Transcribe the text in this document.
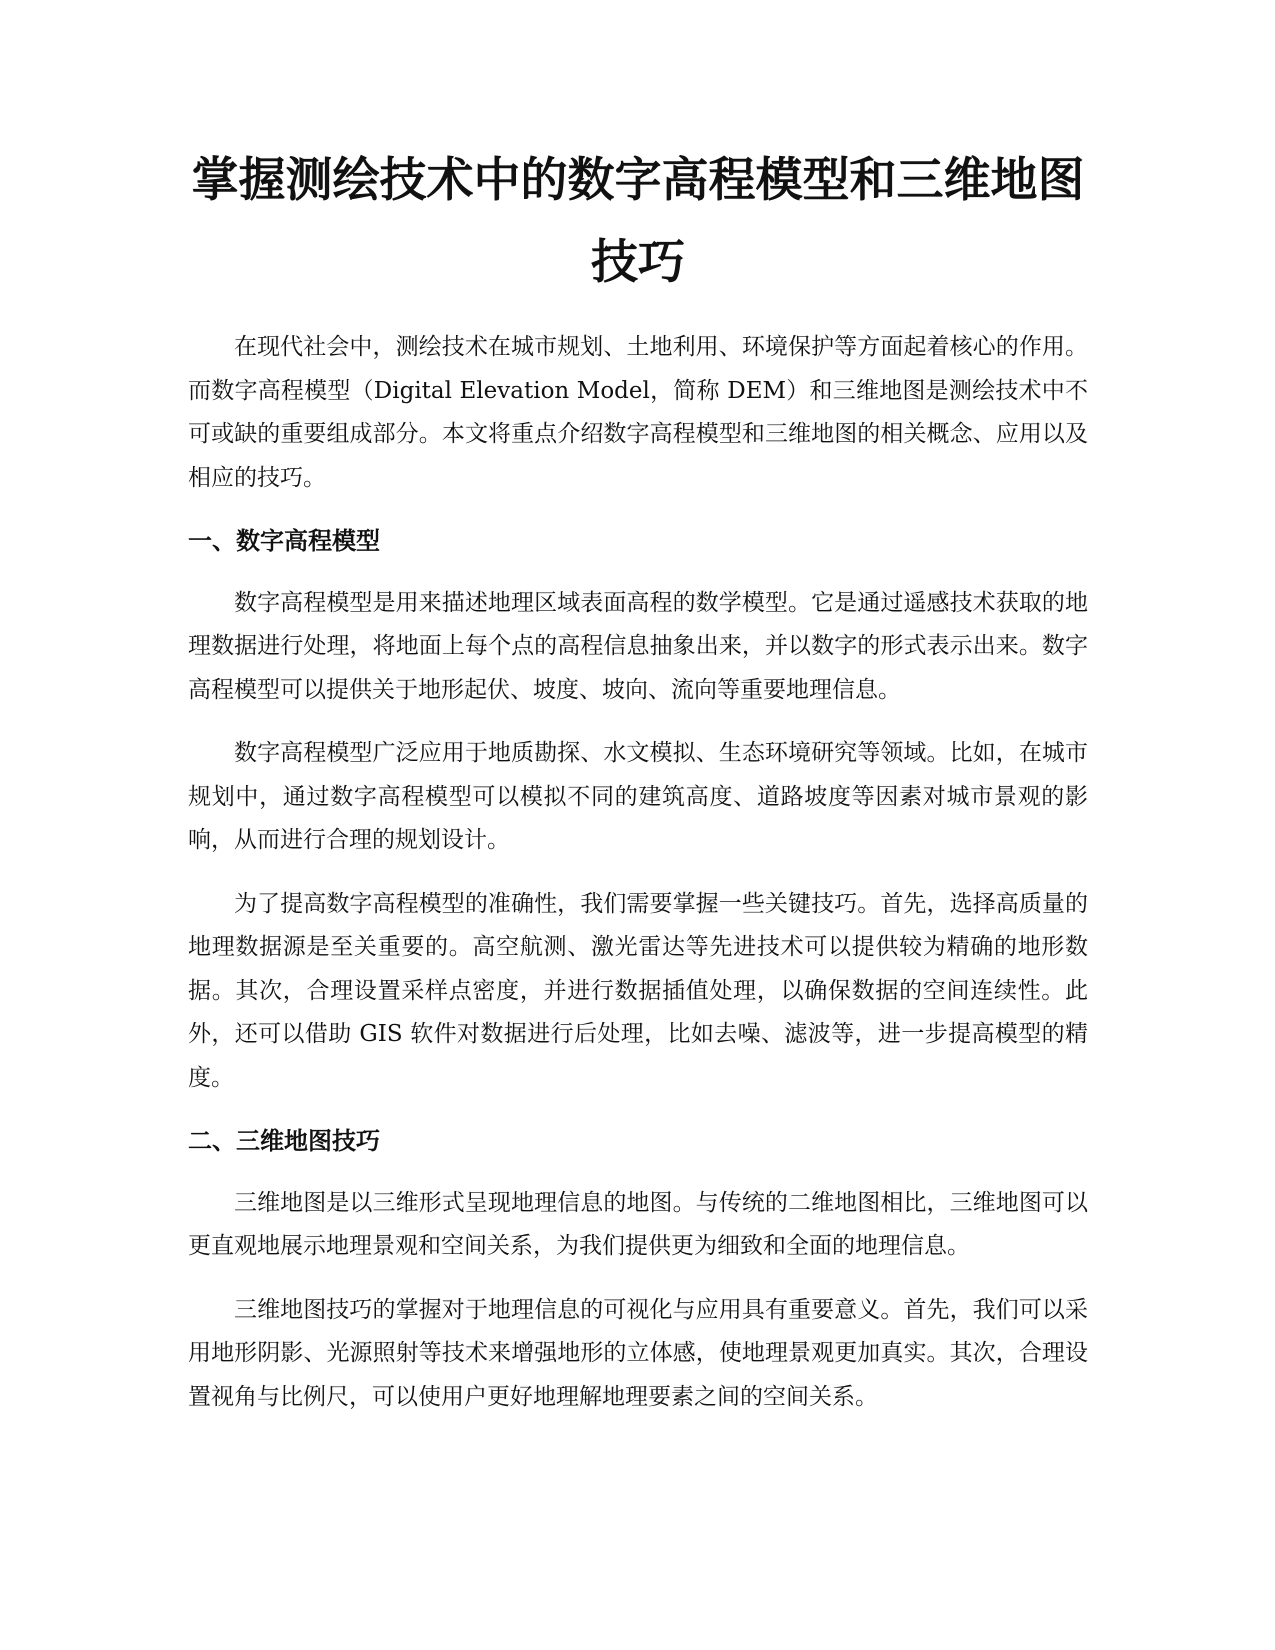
掌握测绘技术中的数字高程模型和三维地图
技巧

在现代社会中，测绘技术在城市规划、土地利用、环境保护等方面起着核心的作用。而数字高程模型（Digital Elevation Model，简称 DEM）和三维地图是测绘技术中不可或缺的重要组成部分。本文将重点介绍数字高程模型和三维地图的相关概念、应用以及相应的技巧。

一、数字高程模型

数字高程模型是用来描述地理区域表面高程的数学模型。它是通过遥感技术获取的地理数据进行处理，将地面上每个点的高程信息抽象出来，并以数字的形式表示出来。数字高程模型可以提供关于地形起伏、坡度、坡向、流向等重要地理信息。

数字高程模型广泛应用于地质勘探、水文模拟、生态环境研究等领域。比如，在城市规划中，通过数字高程模型可以模拟不同的建筑高度、道路坡度等因素对城市景观的影响，从而进行合理的规划设计。

为了提高数字高程模型的准确性，我们需要掌握一些关键技巧。首先，选择高质量的地理数据源是至关重要的。高空航测、激光雷达等先进技术可以提供较为精确的地形数据。其次，合理设置采样点密度，并进行数据插值处理，以确保数据的空间连续性。此外，还可以借助 GIS 软件对数据进行后处理，比如去噪、滤波等，进一步提高模型的精度。

二、三维地图技巧

三维地图是以三维形式呈现地理信息的地图。与传统的二维地图相比，三维地图可以更直观地展示地理景观和空间关系，为我们提供更为细致和全面的地理信息。

三维地图技巧的掌握对于地理信息的可视化与应用具有重要意义。首先，我们可以采用地形阴影、光源照射等技术来增强地形的立体感，使地理景观更加真实。其次，合理设置视角与比例尺，可以使用户更好地理解地理要素之间的空间关系。
